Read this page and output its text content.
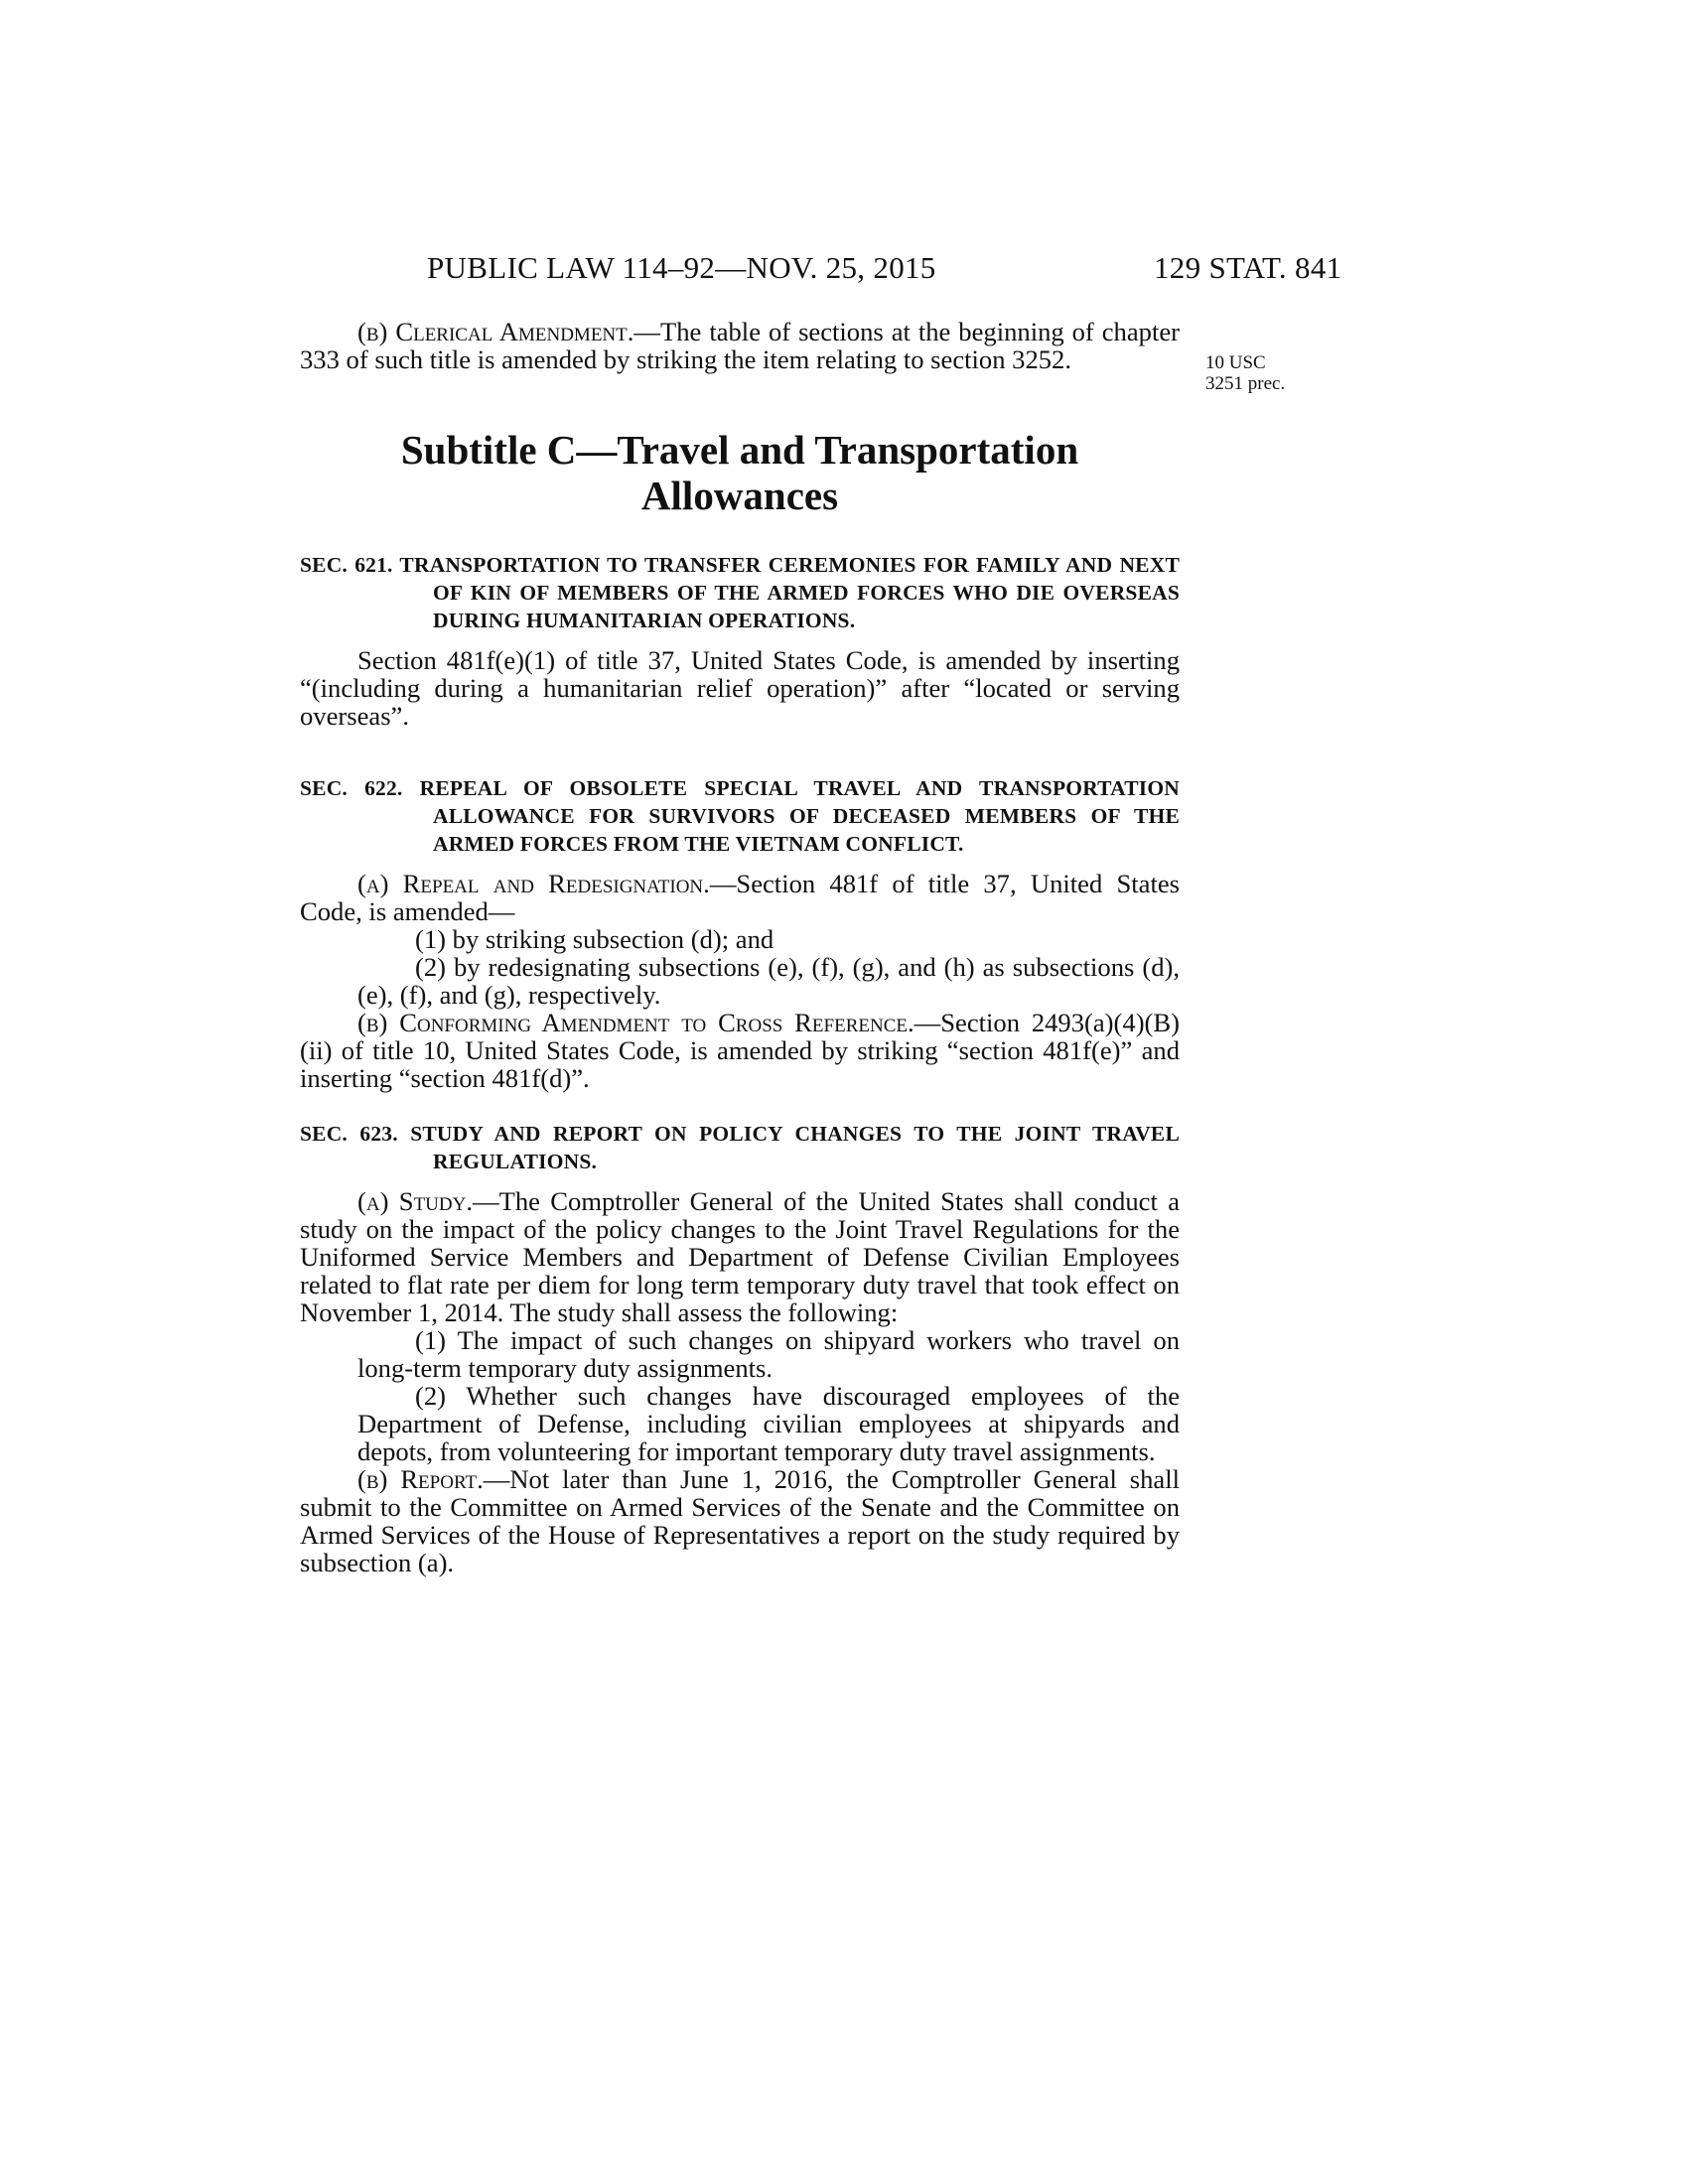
PUBLIC LAW 114–92—NOV. 25, 2015	129 STAT. 841

(b) Clerical Amendment.—The table of sections at the beginning of chapter 333 of such title is amended by striking the item relating to section 3252.	10 USC
3251 prec.
Subtitle C—Travel and Transportation
Allowances

SEC. 621. TRANSPORTATION TO TRANSFER CEREMONIES FOR FAMILY AND NEXT OF KIN OF MEMBERS OF THE ARMED FORCES WHO DIE OVERSEAS DURING HUMANITARIAN OPERATIONS.

Section 481f(e)(1) of title 37, United States Code, is amended by inserting “(including during a humanitarian relief operation)” after “located or serving overseas”.

SEC. 622. REPEAL OF OBSOLETE SPECIAL TRAVEL AND TRANSPORTATION ALLOWANCE FOR SURVIVORS OF DECEASED MEMBERS OF THE ARMED FORCES FROM THE VIETNAM CONFLICT.

(a) Repeal and Redesignation.—Section 481f of title 37, United States Code, is amended—

(1) by striking subsection (d); and

(2) by redesignating subsections (e), (f), (g), and (h) as subsections (d), (e), (f), and (g), respectively.

(b) Conforming Amendment to Cross Reference.—Section 2493(a)(4)(B)(ii) of title 10, United States Code, is amended by striking “section 481f(e)” and inserting “section 481f(d)”.

SEC. 623. STUDY AND REPORT ON POLICY CHANGES TO THE JOINT TRAVEL REGULATIONS.

(a) Study.—The Comptroller General of the United States shall conduct a study on the impact of the policy changes to the Joint Travel Regulations for the Uniformed Service Members and Department of Defense Civilian Employees related to flat rate per diem for long term temporary duty travel that took effect on November 1, 2014. The study shall assess the following:

(1) The impact of such changes on shipyard workers who travel on long-term temporary duty assignments.

(2) Whether such changes have discouraged employees of the Department of Defense, including civilian employees at shipyards and depots, from volunteering for important temporary duty travel assignments.

(b) Report.—Not later than June 1, 2016, the Comptroller General shall submit to the Committee on Armed Services of the Senate and the Committee on Armed Services of the House of Representatives a report on the study required by subsection (a).
